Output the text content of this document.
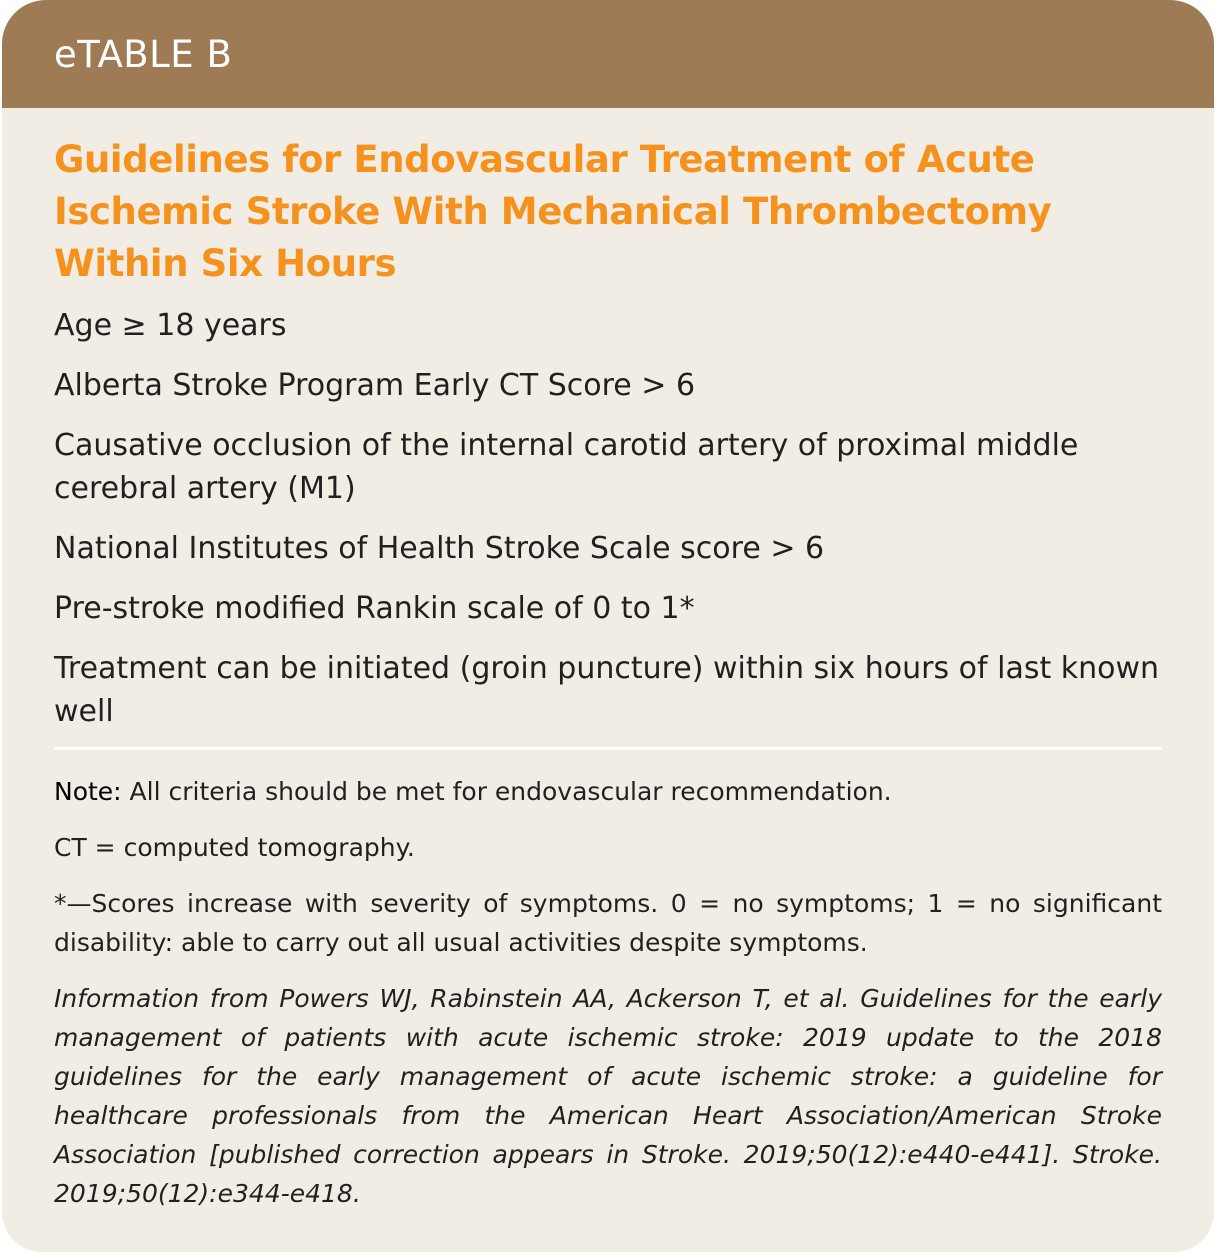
eTABLE B
Guidelines for Endovascular Treatment of Acute Ischemic Stroke With Mechanical Thrombectomy Within Six Hours
Age ≥ 18 years
Alberta Stroke Program Early CT Score > 6
Causative occlusion of the internal carotid artery of proximal middle cerebral artery (M1)
National Institutes of Health Stroke Scale score > 6
Pre-stroke modified Rankin scale of 0 to 1*
Treatment can be initiated (groin puncture) within six hours of last known well

Note: All criteria should be met for endovascular recommendation.

CT = computed tomography.

*—Scores increase with severity of symptoms. 0 = no symptoms; 1 = no significant disability: able to carry out all usual activities despite symptoms.

Information from Powers WJ, Rabinstein AA, Ackerson T, et al. Guidelines for the early management of patients with acute ischemic stroke: 2019 update to the 2018 guidelines for the early management of acute ischemic stroke: a guideline for healthcare professionals from the American Heart Association/American Stroke Association [published correction appears in Stroke. 2019;50(12):e440-e441]. Stroke. 2019;50(12):e344-e418.
